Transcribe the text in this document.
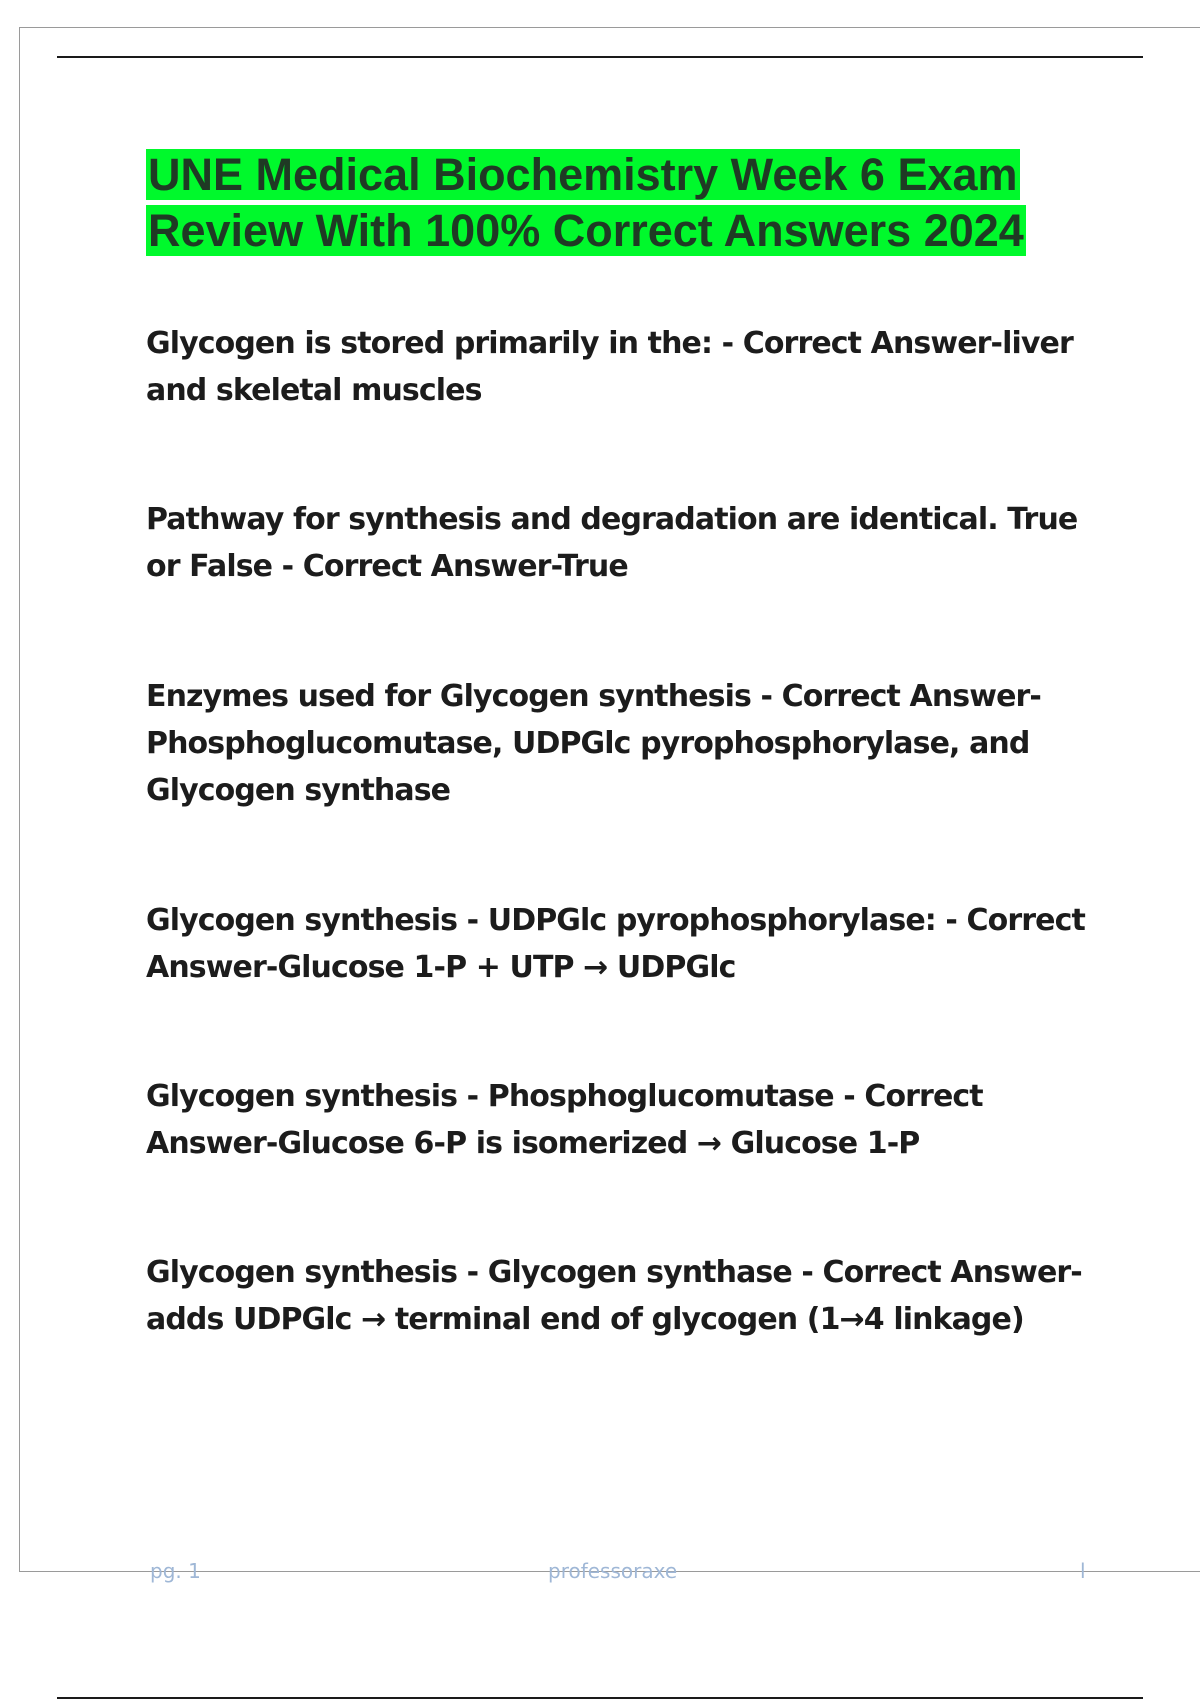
UNE Medical Biochemistry Week 6 Exam Review With 100% Correct Answers 2024

Glycogen is stored primarily in the: - Correct Answer-liver and skeletal muscles

Pathway for synthesis and degradation are identical. True or False - Correct Answer-True

Enzymes used for Glycogen synthesis - Correct Answer-Phosphoglucomutase, UDPGlc pyrophosphorylase, and Glycogen synthase

Glycogen synthesis - UDPGlc pyrophosphorylase: - Correct Answer-Glucose 1-P + UTP → UDPGlc

Glycogen synthesis - Phosphoglucomutase - Correct Answer-Glucose 6-P is isomerized → Glucose 1-P

Glycogen synthesis - Glycogen synthase - Correct Answer-adds UDPGlc → terminal end of glycogen (1→4 linkage)

pg. 1	professoraxe	l
